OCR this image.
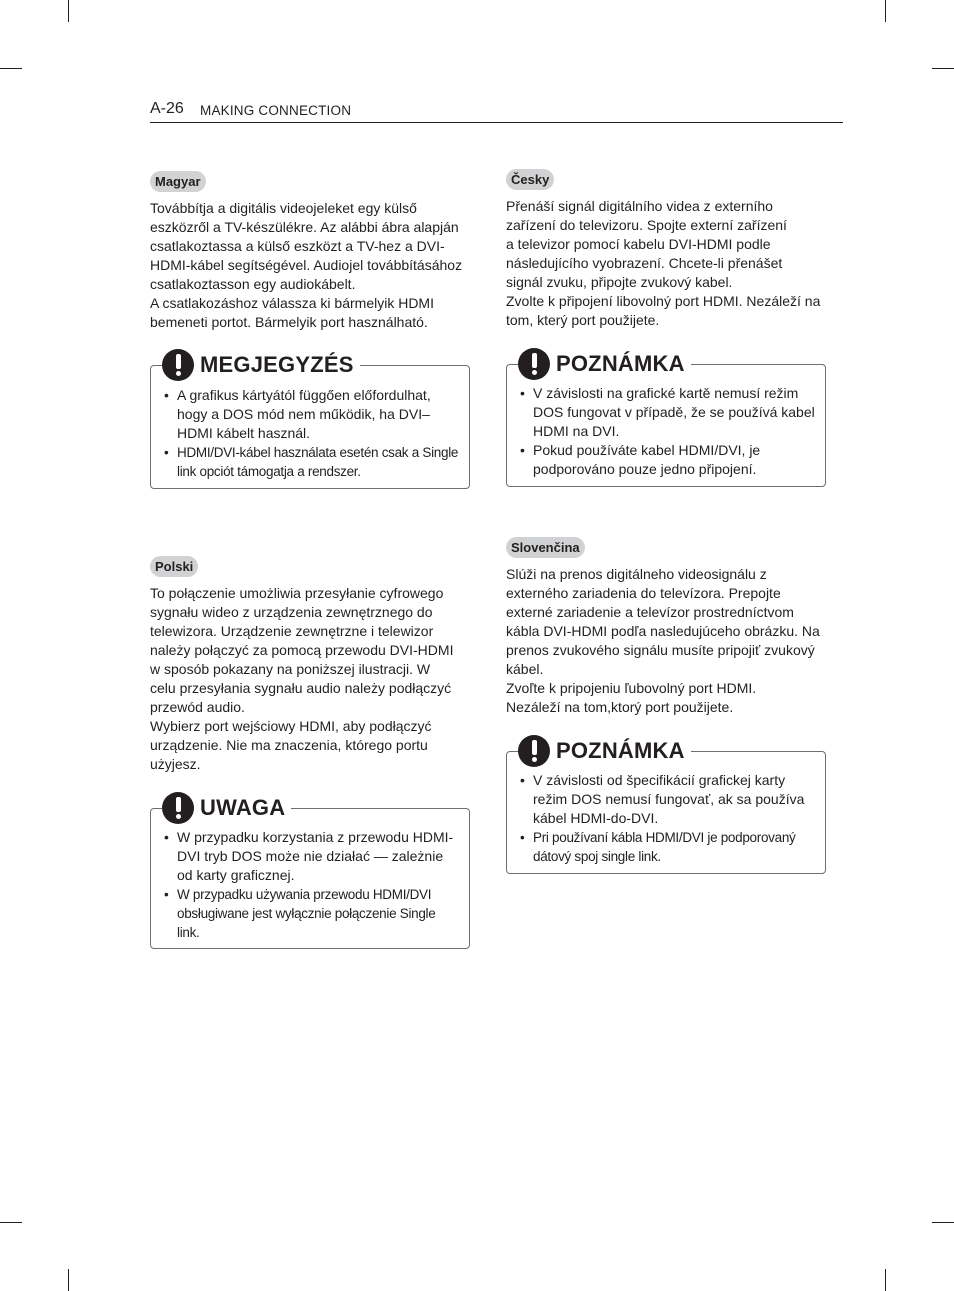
A-26 MAKING CONNECTION
Magyar

Továbbítja a digitális videojeleket egy külső

eszközről a TV-készülékre. Az alábbi ábra alapján

csatlakoztassa a külső eszközt a TV-hez a DVI-

HDMI-kábel segítségével. Audiojel továbbításához

csatlakoztasson egy audiokábelt.

A csatlakozáshoz válassza ki bármelyik HDMI

bemeneti portot. Bármelyik port használható.

• A grafikus kártyától függően előfordulhat, hogy a DOS mód nem működik, ha DVI–HDMI kábelt használ.
• HDMI/DVI-kábel használata esetén csak a Single link opciót támogatja a rendszer.
MEGJEGYZÉS
Česky

Přenáší signál digitálního videa z externího

zařízení do televizoru. Spojte externí zařízení

a televizor pomocí kabelu DVI-HDMI podle

následujícího vyobrazení. Chcete-li přenášet

signál zvuku, připojte zvukový kabel.

Zvolte k připojení libovolný port HDMI. Nezáleží na

tom, který port použijete.

• V závislosti na grafické kartě nemusí režim DOS fungovat v případě, že se používá kabel HDMI na DVI.
• Pokud používáte kabel HDMI/DVI, je podporováno pouze jedno připojení.
POZNÁMKA
Polski

To połączenie umożliwia przesyłanie cyfrowego

sygnału wideo z urządzenia zewnętrznego do

telewizora. Urządzenie zewnętrzne i telewizor

należy połączyć za pomocą przewodu DVI-HDMI

w sposób pokazany na poniższej ilustracji. W

celu przesyłania sygnału audio należy podłączyć

przewód audio.

Wybierz port wejściowy HDMI, aby podłączyć

urządzenie. Nie ma znaczenia, którego portu

użyjesz.

• W przypadku korzystania z przewodu HDMI-DVI tryb DOS może nie działać — zależnie od karty graficznej.
• W przypadku używania przewodu HDMI/DVI obsługiwane jest wyłącznie połączenie Single link.
UWAGA
Slovenčina

Slúži na prenos digitálneho videosignálu z

externého zariadenia do televízora. Prepojte

externé zariadenie a televízor prostredníctvom

kábla DVI-HDMI podľa nasledujúceho obrázku. Na

prenos zvukového signálu musíte pripojiť zvukový

kábel.

Zvoľte k pripojeniu ľubovolný port HDMI.

Nezáleží na tom,ktorý port použijete.

• V závislosti od špecifikácií grafickej karty režim DOS nemusí fungovať, ak sa používa kábel HDMI-do-DVI.
• Pri používaní kábla HDMI/DVI je podporovaný dátový spoj single link.
POZNÁMKA
